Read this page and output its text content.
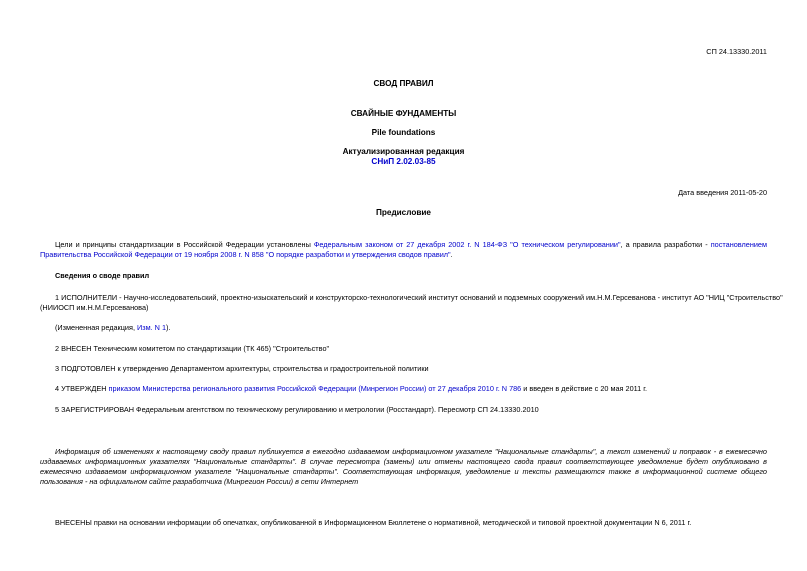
СП 24.13330.2011
СВОД ПРАВИЛ
СВАЙНЫЕ ФУНДАМЕНТЫ
Pile foundations
Актуализированная редакция
СНиП 2.02.03-85
Дата введения 2011-05-20
Предисловие
Цели и принципы стандартизации в Российской Федерации установлены Федеральным законом от 27 декабря 2002 г. N 184-ФЗ "О техническом регулировании", а правила разработки - постановлением
Правительства Российской Федерации от 19 ноября 2008 г. N 858 "О порядке разработки и утверждения сводов правил".
Сведения о своде правил
1 ИСПОЛНИТЕЛИ - Научно-исследовательский, проектно-изыскательский и конструкторско-технологический институт оснований и подземных сооружений им.Н.М.Герсеванова - институт АО "НИЦ "Строительство"
(НИИОСП им.Н.М.Герсеванова)
(Измененная редакция, Изм. N 1).
2 ВНЕСЕН Техническим комитетом по стандартизации (ТК 465) "Строительство"
3 ПОДГОТОВЛЕН к утверждению Департаментом архитектуры, строительства и градостроительной политики
4 УТВЕРЖДЕН приказом Министерства регионального развития Российской Федерации (Минрегион России) от 27 декабря 2010 г. N 786 и введен в действие с 20 мая 2011 г.
5 ЗАРЕГИСТРИРОВАН Федеральным агентством по техническому регулированию и метрологии (Росстандарт). Пересмотр СП 24.13330.2010
Информация об изменениях к настоящему своду правил публикуется в ежегодно издаваемом информационном указателе "Национальные стандарты", а текст изменений и поправок - в ежемесячно
издаваемых информационных указателях "Национальные стандарты". В случае пересмотра (замены) или отмены настоящего свода правил соответствующее уведомление будет опубликовано в
ежемесячно издаваемом информационном указателе "Национальные стандарты". Соответствующая информация, уведомление и тексты размещаются также в информационной системе общего
пользования - на официальном сайте разработчика (Минрегион России) в сети Интернет
ВНЕСЕНЫ правки на основании информации об опечатках, опубликованной в Информационном Бюллетене о нормативной, методической и типовой проектной документации N 6, 2011 г.
